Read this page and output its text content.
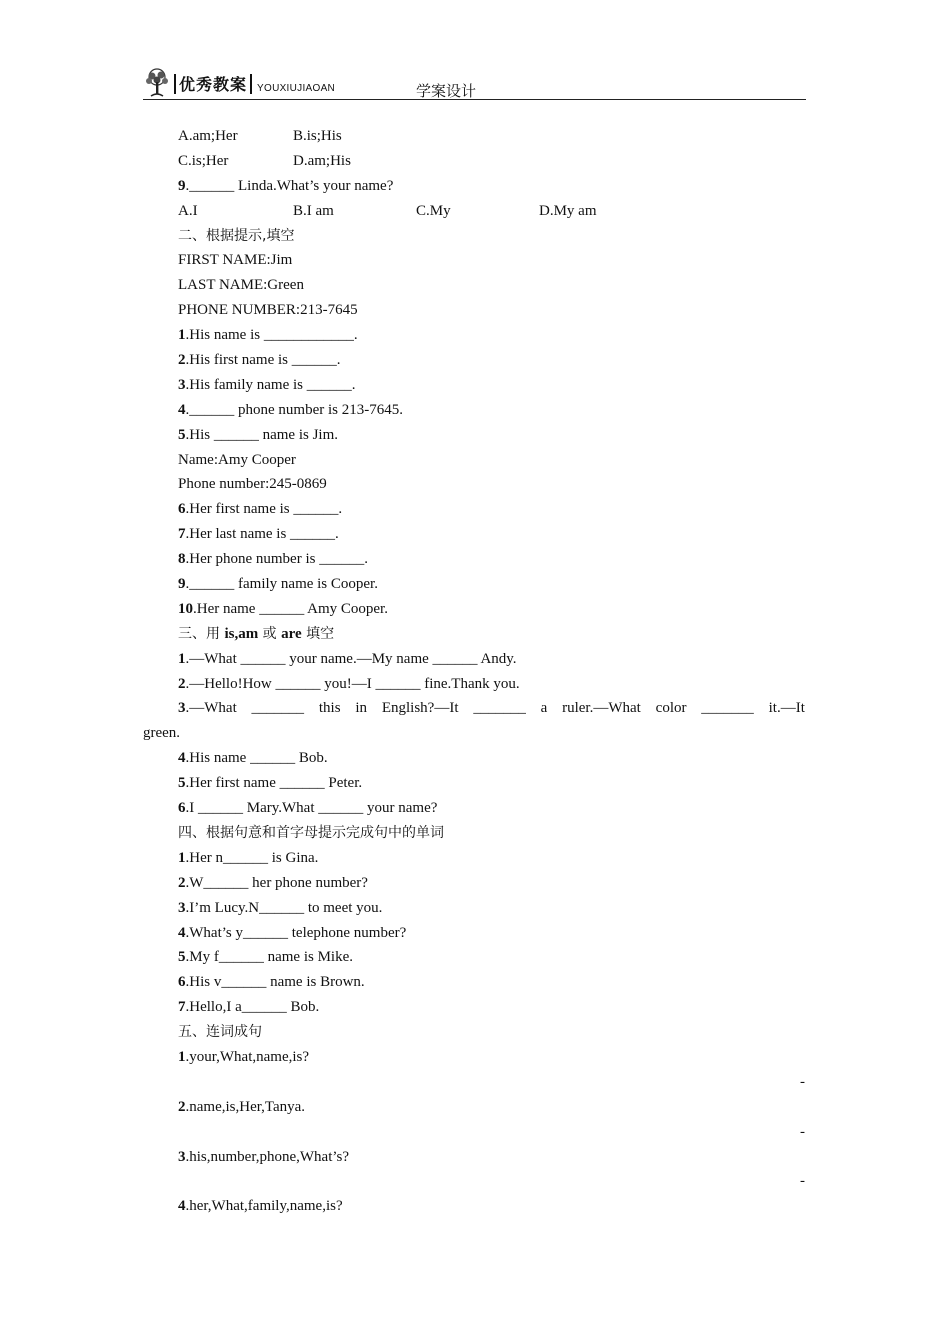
优秀教案 YOUXIUJIAOAN	学案设计
A.am;Her	B.is;His
C.is;Her	D.am;His
9.______ Linda.What’s your name?
A.I	B.I am	C.My	D.My am
二、根据提示,填空
FIRST NAME:Jim
LAST NAME:Green
PHONE NUMBER:213-7645
1.His name is ____________.
2.His first name is ______.
3.His family name is ______.
4.______ phone number is 213-7645.
5.His ______ name is Jim.
Name:Amy Cooper
Phone number:245-0869
6.Her first name is ______.
7.Her last name is ______.
8.Her phone number is ______.
9.______ family name is Cooper.
10.Her name ______ Amy Cooper.
三、用 is,am 或 are 填空
1.—What ______ your name.—My name ______ Andy.
2.—Hello!How ______ you!—I ______ fine.Thank you.
3.—What _______ this in English?—It _______ a ruler.—What color _______ it.—It
green.
4.His name ______ Bob.
5.Her first name ______ Peter.
6.I ______ Mary.What ______ your name?
四、根据句意和首字母提示完成句中的单词
1.Her n______ is Gina.
2.W______ her phone number?
3.I’m Lucy.N______ to meet you.
4.What’s y______ telephone number?
5.My f______ name is Mike.
6.His v______ name is Brown.
7.Hello,I a______ Bob.
五、连词成句
1.your,What,name,is?
-
2.name,is,Her,Tanya.
-
3.his,number,phone,What’s?
-
4.her,What,family,name,is?
